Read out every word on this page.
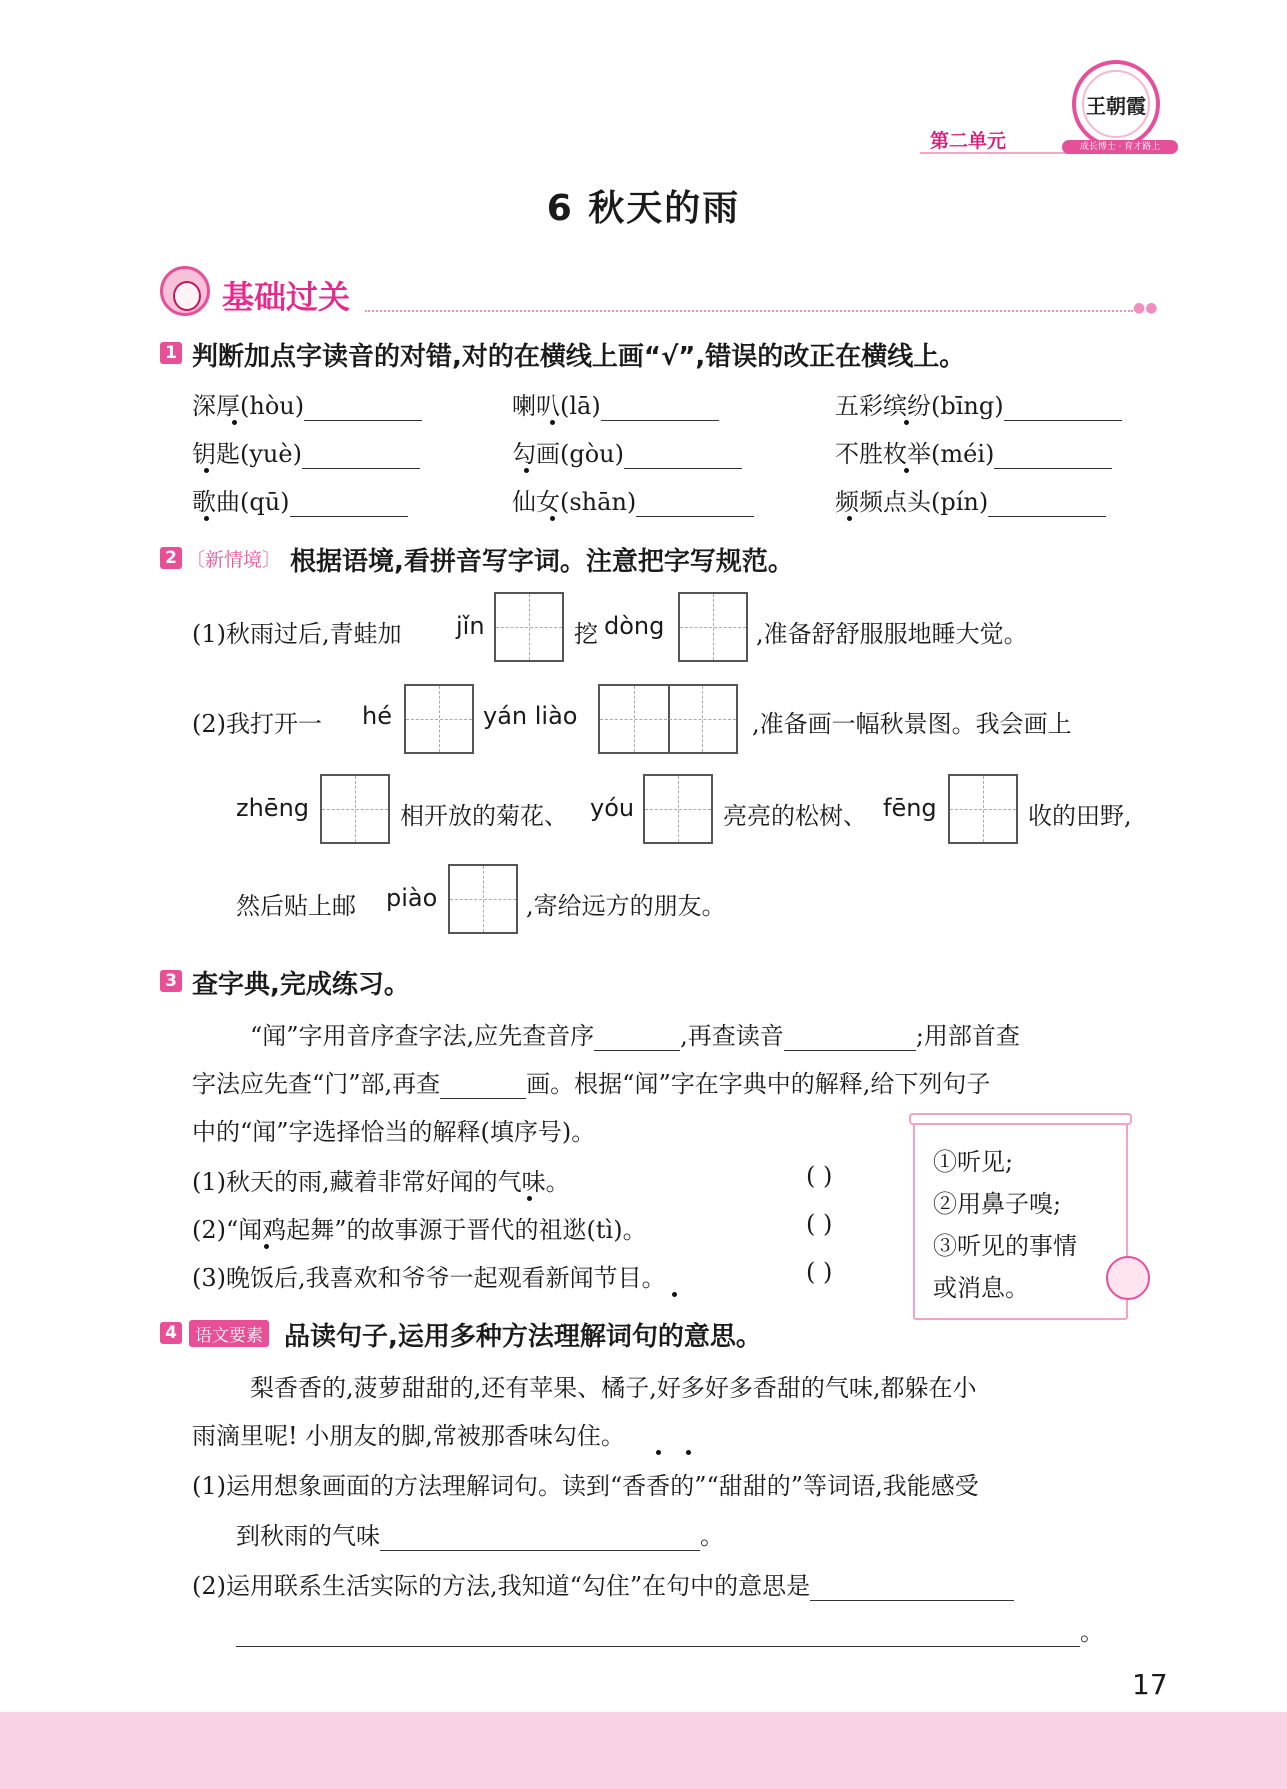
第二单元
王朝霞
成长博士 · 育才路上
6 秋天的雨
基础过关	●●
1 判断加点字读音的对错,对的在横线上画“√”,错误的改正在横线上。
深厚(hòu)	喇叭(lā)	五彩缤纷(bīng)
钥匙(yuè)	勾画(gòu)	不胜枚举(méi)
歌曲(qū)	仙女(shān)	频频点头(pín)
2 〔新情境〕 根据语境,看拼音写字词。注意把字写规范。
(1)秋雨过后,青蛙加 jǐn	挖 dòng	,准备舒舒服服地睡大觉。
(2)我打开一 hé	yán liào	,准备画一幅秋景图。我会画上
zhēng	相开放的菊花、 yóu	亮亮的松树、 fēng	收的田野,
然后贴上邮 piào	,寄给远方的朋友。
3 查字典,完成练习。
“闻”字用音序查字法,应先查音序	,再查读音	;用部首查
字法应先查“门”部,再查	画。根据“闻”字在字典中的解释,给下列句子
中的“闻”字选择恰当的解释(填序号)。
(1)秋天的雨,藏着非常好闻的气味。
(2)“闻鸡起舞”的故事源于晋代的祖逖(tì)。
(3)晚饭后,我喜欢和爷爷一起观看新闻节目。
( )
( )
( )
①听见;
②用鼻子嗅;
③听见的事情
或消息。
4	语文要素 品读句子,运用多种方法理解词句的意思。
梨香香的,菠萝甜甜的,还有苹果、橘子,好多好多香甜的气味,都躲在小
雨滴里呢! 小朋友的脚,常被那香味勾住。
(1)运用想象画面的方法理解词句。读到“香香的”“甜甜的”等词语,我能感受
到秋雨的气味	。
(2)运用联系生活实际的方法,我知道“勾住”在句中的意思是
。
17
